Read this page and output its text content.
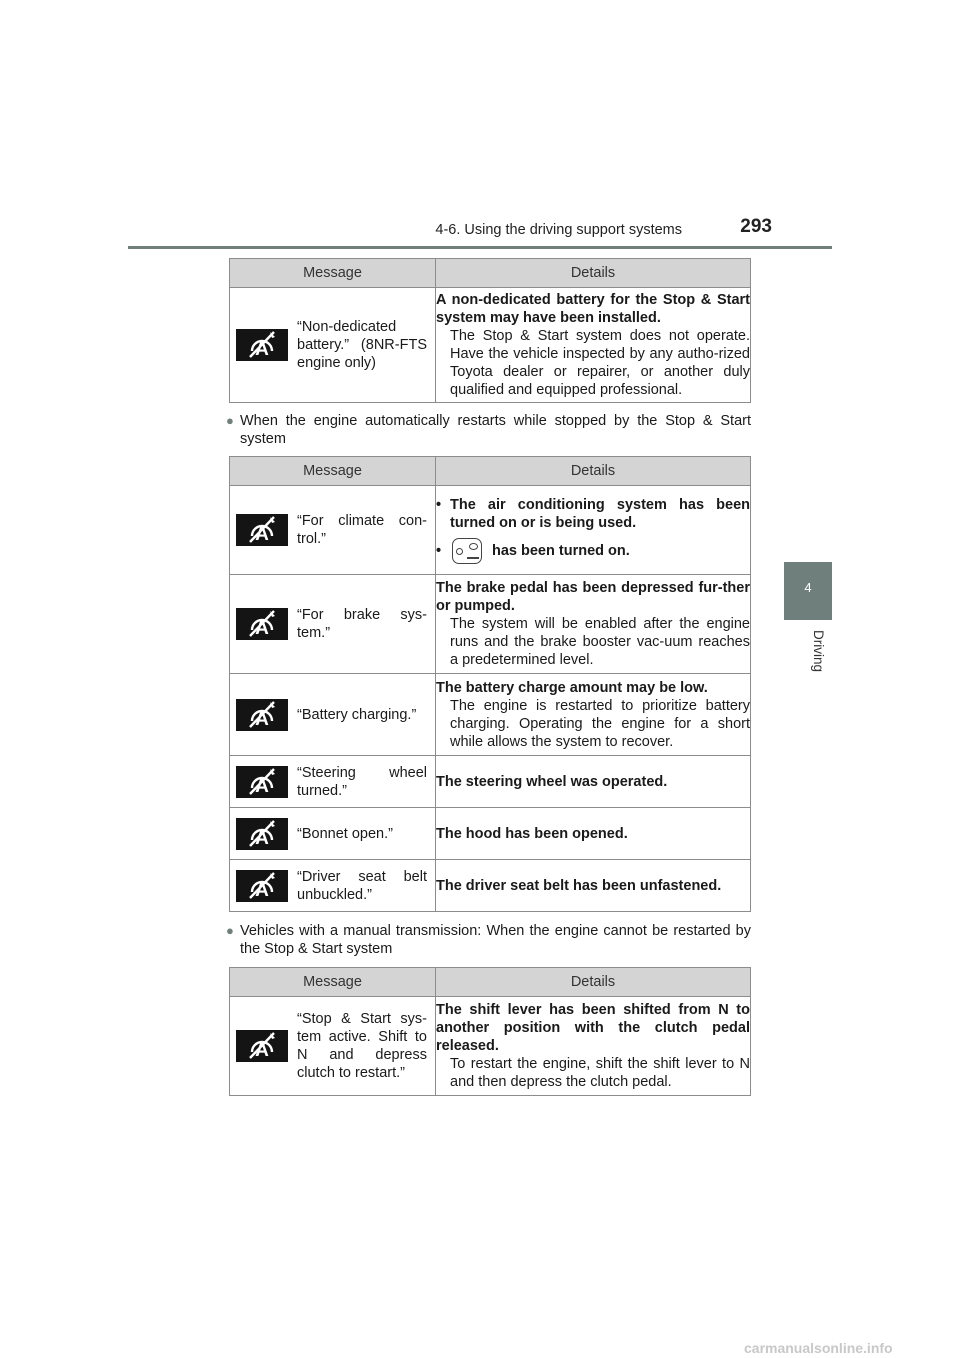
4-6. Using the driving support systems	293
4
Driving
Message	Details

“Non-dedicated battery.” (8NR-FTS engine only)	A non-dedicated battery for the Stop & Start system may have been installed.
The Stop & Start system does not operate. Have the vehicle inspected by any autho-rized Toyota dealer or repairer, or another duly qualified and equipped professional.
● When the engine automatically restarts while stopped by the Stop & Start system
Message	Details

“For climate con-trol.”	• The air conditioning system has been turned on or is being used.
• has been turned on.

“For brake sys-tem.”	The brake pedal has been depressed fur-ther or pumped.
The system will be enabled after the engine runs and the brake booster vac-uum reaches a predetermined level.

“Battery charging.”	The battery charge amount may be low.
The engine is restarted to prioritize battery charging. Operating the engine for a short while allows the system to recover.

“Steering wheel turned.”	The steering wheel was operated.

“Bonnet open.”	The hood has been opened.

“Driver seat belt unbuckled.”	The driver seat belt has been unfastened.
● Vehicles with a manual transmission: When the engine cannot be restarted by the Stop & Start system
Message	Details

“Stop & Start sys-tem active. Shift to N and depress clutch to restart.”	The shift lever has been shifted from N to another position with the clutch pedal released.
To restart the engine, shift the shift lever to N and then depress the clutch pedal.
carmanualsonline.info
